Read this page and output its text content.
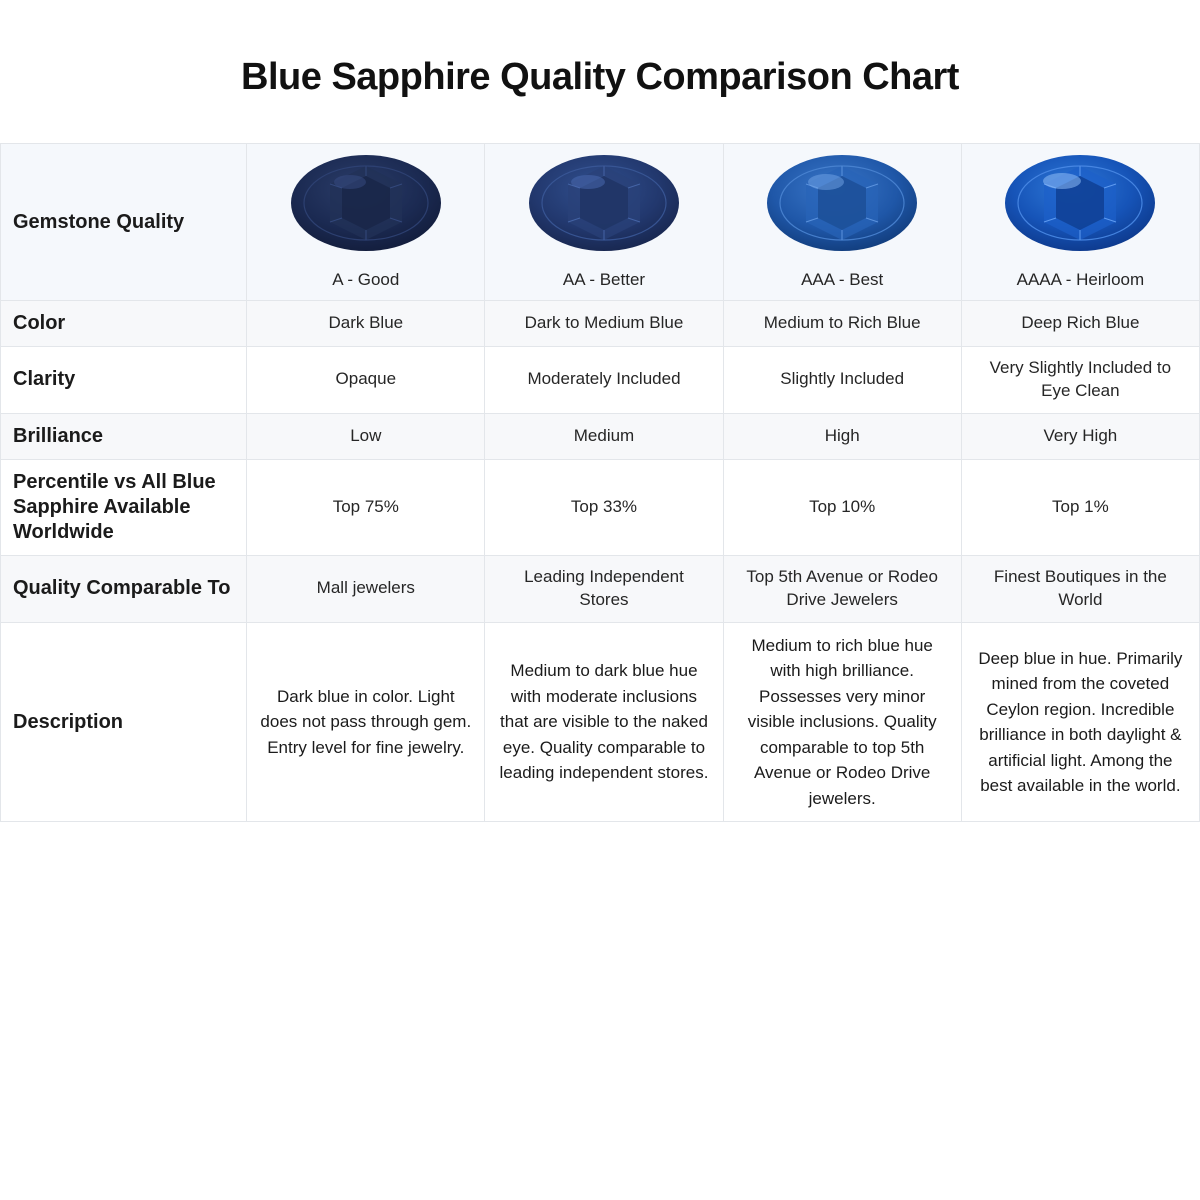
Blue Sapphire Quality Comparison Chart
Gemstone Quality	A - Good	AA - Better	AAA - Best	AAAA - Heirloom

Color	Dark Blue	Dark to Medium Blue	Medium to Rich Blue	Deep Rich Blue
Clarity	Opaque	Moderately Included	Slightly Included	Very Slightly Included to Eye Clean
Brilliance	Low	Medium	High	Very High
Percentile vs All Blue Sapphire Available Worldwide	Top 75%	Top 33%	Top 10%	Top 1%
Quality Comparable To	Mall jewelers	Leading Independent Stores	Top 5th Avenue or Rodeo Drive Jewelers	Finest Boutiques in the World
Description	Dark blue in color. Light does not pass through gem. Entry level for fine jewelry.	Medium to dark blue hue with moderate inclusions that are visible to the naked eye. Quality comparable to leading independent stores.	Medium to rich blue hue with high brilliance. Possesses very minor visible inclusions. Quality comparable to top 5th Avenue or Rodeo Drive jewelers.	Deep blue in hue. Primarily mined from the coveted Ceylon region. Incredible brilliance in both daylight & artificial light. Among the best available in the world.
